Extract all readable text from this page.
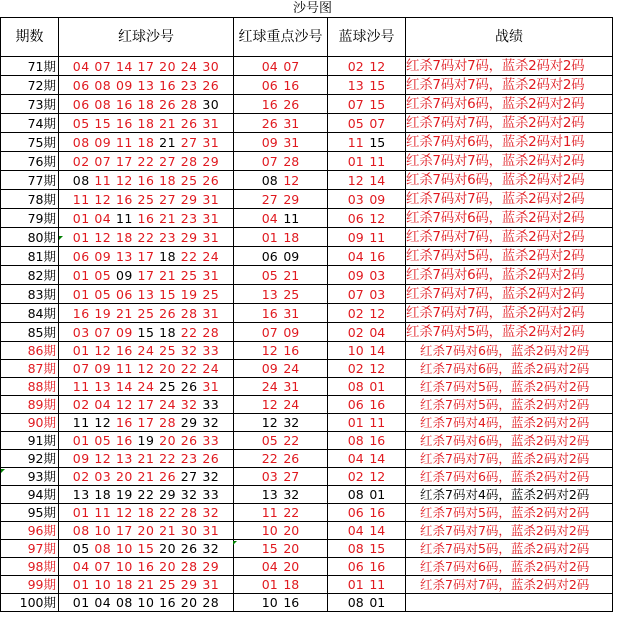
沙号图
期数	红球沙号	红球重点沙号	蓝球沙号	战绩
71期	04 07 14 17 20 24 30	04 07	02 12	红杀7码对7码，蓝杀2码对2码
72期	06 08 09 13 16 23 26	06 16	13 15	红杀7码对7码，蓝杀2码对2码
73期	06 08 16 18 26 28 30	16 26	07 15	红杀7码对6码，蓝杀2码对2码
74期	05 15 16 18 21 26 31	26 31	05 07	红杀7码对7码，蓝杀2码对2码
75期	08 09 11 18 21 27 31	09 31	11 15	红杀7码对6码，蓝杀2码对1码
76期	02 07 17 22 27 28 29	07 28	01 11	红杀7码对7码，蓝杀2码对2码
77期	08 11 12 16 18 25 26	08 12	12 14	红杀7码对6码，蓝杀2码对2码
78期	11 12 16 25 27 29 31	27 29	03 09	红杀7码对7码，蓝杀2码对2码
79期	01 04 11 16 21 23 31	04 11	06 12	红杀7码对6码，蓝杀2码对2码
80期	01 12 18 22 23 29 31	01 18	09 11	红杀7码对7码，蓝杀2码对2码
81期	06 09 13 17 18 22 24	06 09	04 16	红杀7码对5码，蓝杀2码对2码
82期	01 05 09 17 21 25 31	05 21	09 03	红杀7码对6码，蓝杀2码对2码
83期	01 05 06 13 15 19 25	13 25	07 03	红杀7码对7码，蓝杀2码对2码
84期	16 19 21 25 26 28 31	16 31	02 12	红杀7码对7码，蓝杀2码对2码
85期	03 07 09 15 18 22 28	07 09	02 04	红杀7码对5码，蓝杀2码对2码
86期	01 12 16 24 25 32 33	12 16	10 14	红杀7码对6码，蓝杀2码对2码
87期	07 09 11 12 20 22 24	09 24	02 12	红杀7码对6码，蓝杀2码对2码
88期	11 13 14 24 25 26 31	24 31	08 01	红杀7码对5码，蓝杀2码对2码
89期	02 04 12 17 24 32 33	12 24	06 16	红杀7码对5码，蓝杀2码对2码
90期	11 12 16 17 28 29 32	12 32	01 11	红杀7码对4码，蓝杀2码对2码
91期	01 05 16 19 20 26 33	05 22	08 16	红杀7码对6码，蓝杀2码对2码
92期	09 12 13 21 22 23 26	22 26	04 14	红杀7码对7码，蓝杀2码对2码
93期	02 03 20 21 26 27 32	03 27	02 12	红杀7码对6码，蓝杀2码对2码
94期	13 18 19 22 29 32 33	13 32	08 01	红杀7码对4码，蓝杀2码对2码
95期	01 11 12 18 22 28 32	11 22	06 16	红杀7码对5码，蓝杀2码对2码
96期	08 10 17 20 21 30 31	10 20	04 14	红杀7码对7码，蓝杀2码对2码
97期	05 08 10 15 20 26 32	15 20	08 15	红杀7码对5码，蓝杀2码对2码
98期	04 07 10 16 20 28 29	04 20	06 16	红杀7码对6码，蓝杀2码对2码
99期	01 10 18 21 25 29 31	01 18	01 11	红杀7码对7码，蓝杀2码对2码
100期	01 04 08 10 16 20 28	10 16	08 01	
